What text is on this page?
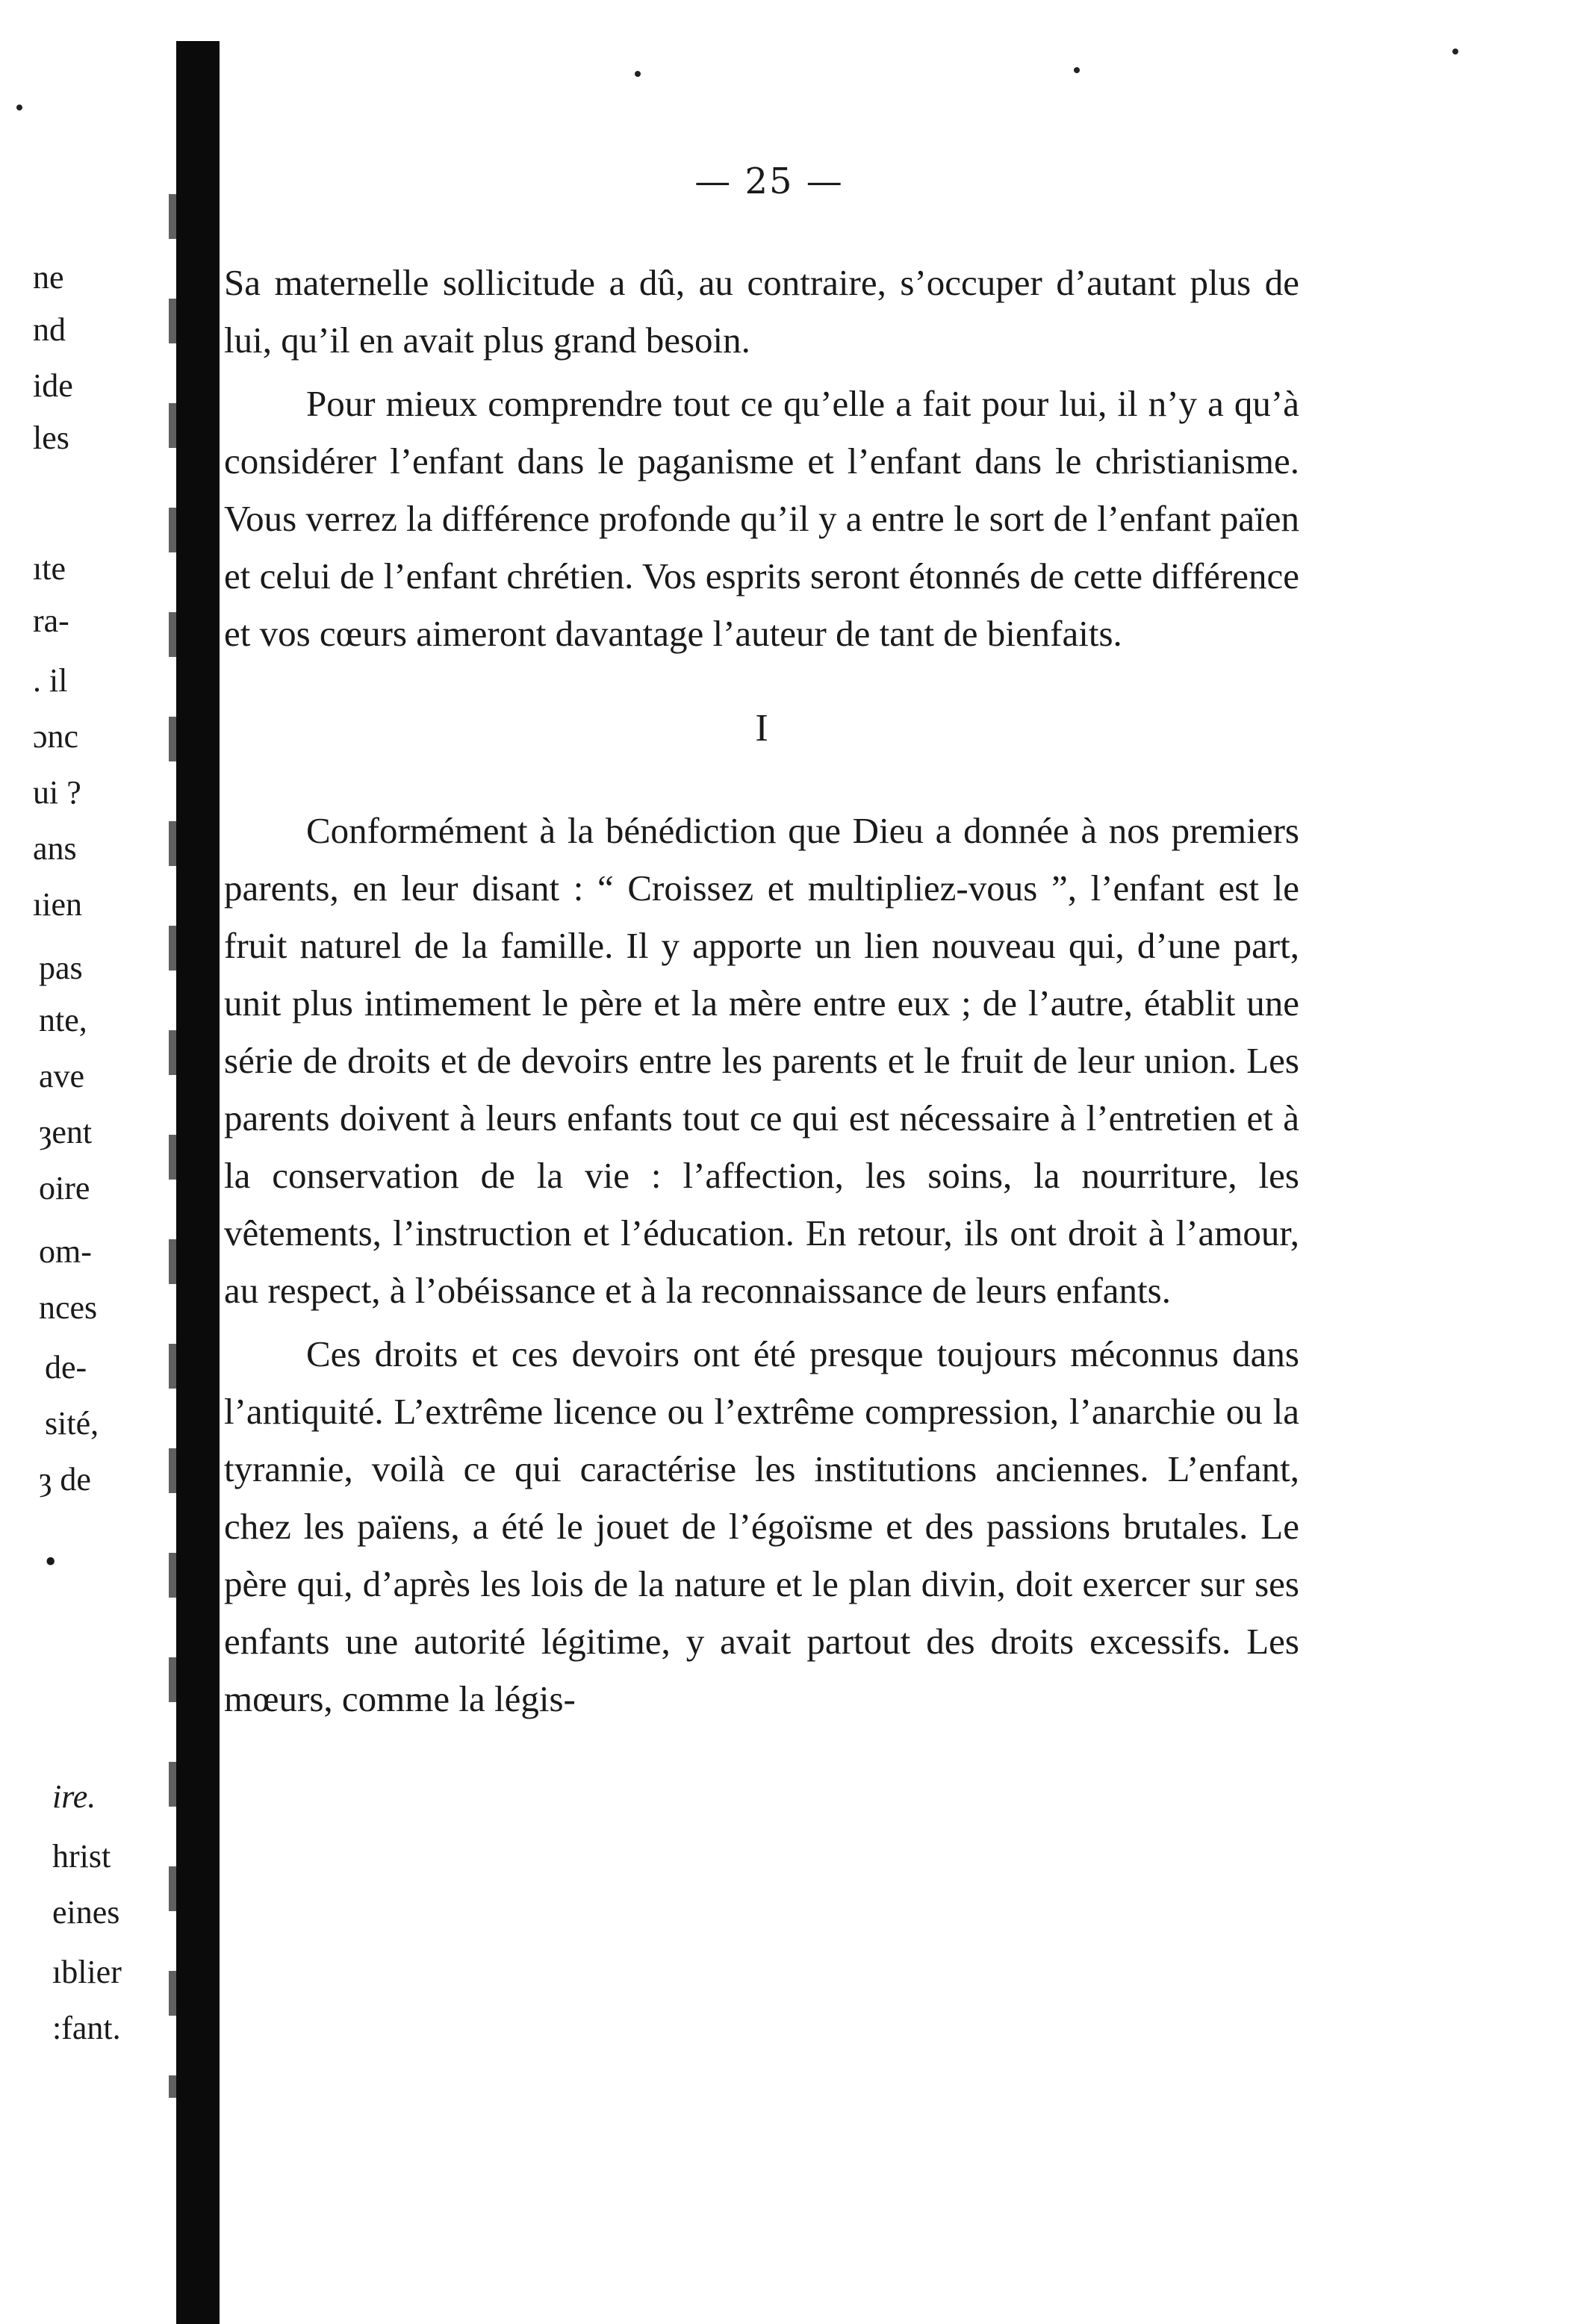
ne
nd
ide
les
ıte
ra-
. il
ɔnc
ui ?
ans
ıien
pas
nte,
ave
ȝent
oire
om-
nces
de-
sité,
ȝ de
•
ire.
hrist
eines
ıblier
:fant.
— 25 —

Sa maternelle sollicitude a dû, au contraire, s’occuper d’autant plus de lui, qu’il en avait plus grand besoin.

Pour mieux comprendre tout ce qu’elle a fait pour lui, il n’y a qu’à considérer l’enfant dans le paganisme et l’enfant dans le christianisme. Vous verrez la différence profonde qu’il y a entre le sort de l’enfant païen et celui de l’enfant chrétien. Vos esprits seront étonnés de cette différence et vos cœurs aimeront davantage l’auteur de tant de bienfaits.

I

Conformément à la bénédiction que Dieu a donnée à nos premiers parents, en leur disant : “ Croissez et multipliez-vous ”, l’enfant est le fruit naturel de la famille. Il y apporte un lien nouveau qui, d’une part, unit plus intimement le père et la mère entre eux ; de l’autre, établit une série de droits et de devoirs entre les parents et le fruit de leur union. Les parents doivent à leurs enfants tout ce qui est nécessaire à l’entretien et à la conservation de la vie : l’affection, les soins, la nourriture, les vêtements, l’instruction et l’éducation. En retour, ils ont droit à l’amour, au respect, à l’obéissance et à la reconnaissance de leurs enfants.

Ces droits et ces devoirs ont été presque toujours méconnus dans l’antiquité. L’extrême licence ou l’extrême compression, l’anarchie ou la tyrannie, voilà ce qui caractérise les institutions anciennes. L’enfant, chez les païens, a été le jouet de l’égoïsme et des passions brutales. Le père qui, d’après les lois de la nature et le plan divin, doit exercer sur ses enfants une autorité légitime, y avait partout des droits excessifs. Les mœurs, comme la légis-
